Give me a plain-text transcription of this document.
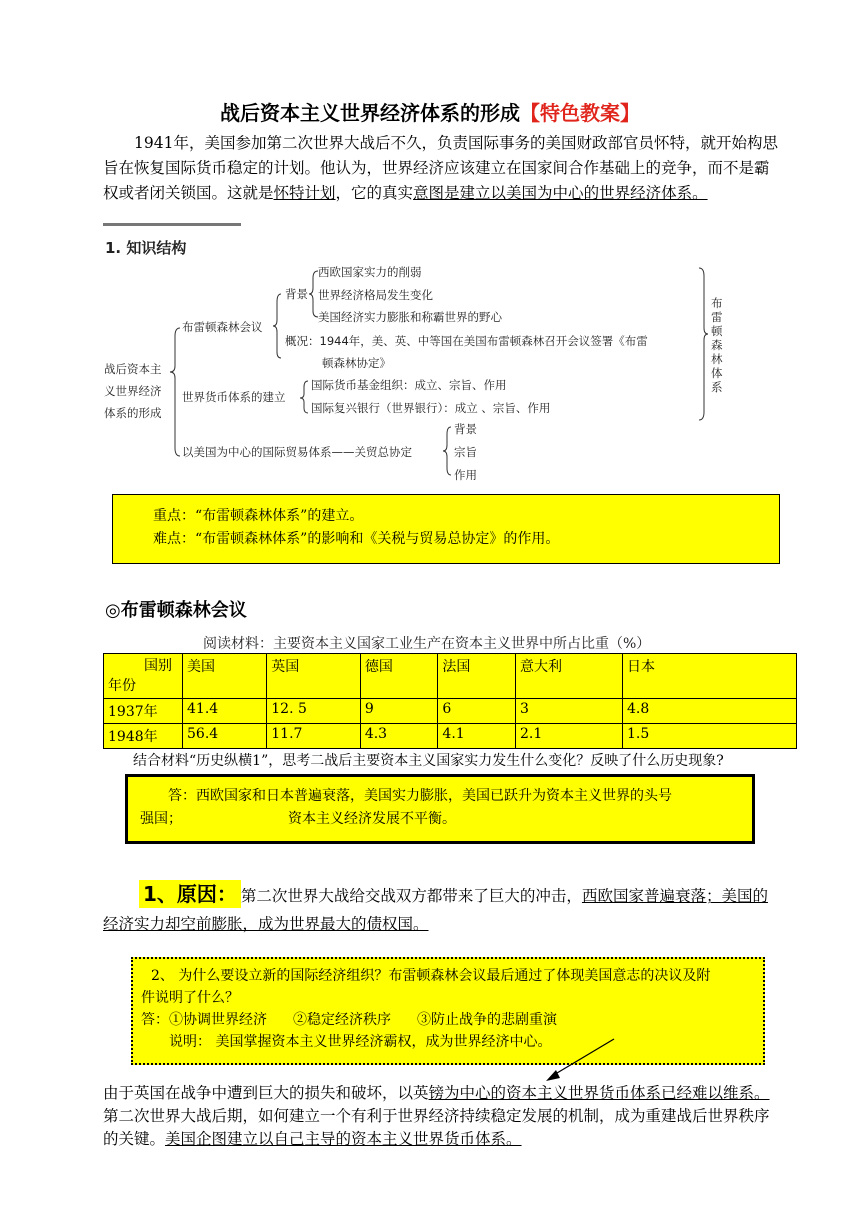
战后资本主义世界经济体系的形成【特色教案】
1941年，美国参加第二次世界大战后不久，负责国际事务的美国财政部官员怀特，就开始构思旨在恢复国际货币稳定的计划。他认为，世界经济应该建立在国家间合作基础上的竞争，而不是霸权或者闭关锁国。这就是怀特计划，它的真实意图是建立以美国为中心的世界经济体系。
1. 知识结构
战后资本主
义世界经济
体系的形成
布雷顿森林会议
背景
西欧国家实力的削弱
世界经济格局发生变化
美国经济实力膨胀和称霸世界的野心
概况：1944年，美、英、中等国在美国布雷顿森林召开会议签署《布雷
顿森林协定》
世界货币体系的建立
国际货币基金组织：成立、宗旨、作用
国际复兴银行（世界银行）：成立 、宗旨、作用
以美国为中心的国际贸易体系——关贸总协定
背景
宗旨
作用
布雷顿森林体系
重点：“布雷顿森林体系”的建立。
难点：“布雷顿森林体系”的影响和《关税与贸易总协定》的作用。
◎布雷顿森林会议
阅读材料：主要资本主义国家工业生产在资本主义世界中所占比重（%）
国别
年份	美国	英国	德国	法国	意大利	日本
1937年	41.4	12. 5	9	6	3	4.8
1948年	56.4	11.7	4.3	4.1	2.1	1.5
结合材料“历史纵横1”，思考二战后主要资本主义国家实力发生什么变化？反映了什么历史现象?
答：西欧国家和日本普遍衰落，美国实力膨胀，美国已跃升为资本主义世界的头号
强国；	资本主义经济发展不平衡。
1、原因： 第二次世界大战给交战双方都带来了巨大的冲击，西欧国家普遍衰落；美国的经济实力却空前膨胀，成为世界最大的债权国。
2、 为什么要设立新的国际经济组织？布雷顿森林会议最后通过了体现美国意志的决议及附
件说明了什么？
答：①协调世界经济 ②稳定经济秩序 ③防止战争的悲剧重演
说明： 美国掌握资本主义世界经济霸权，成为世界经济中心。
由于英国在战争中遭到巨大的损失和破坏，以英镑为中心的资本主义世界货币体系已经难以维系。第二次世界大战后期，如何建立一个有利于世界经济持续稳定发展的机制，成为重建战后世界秩序的关键。美国企图建立以自己主导的资本主义世界货币体系。
